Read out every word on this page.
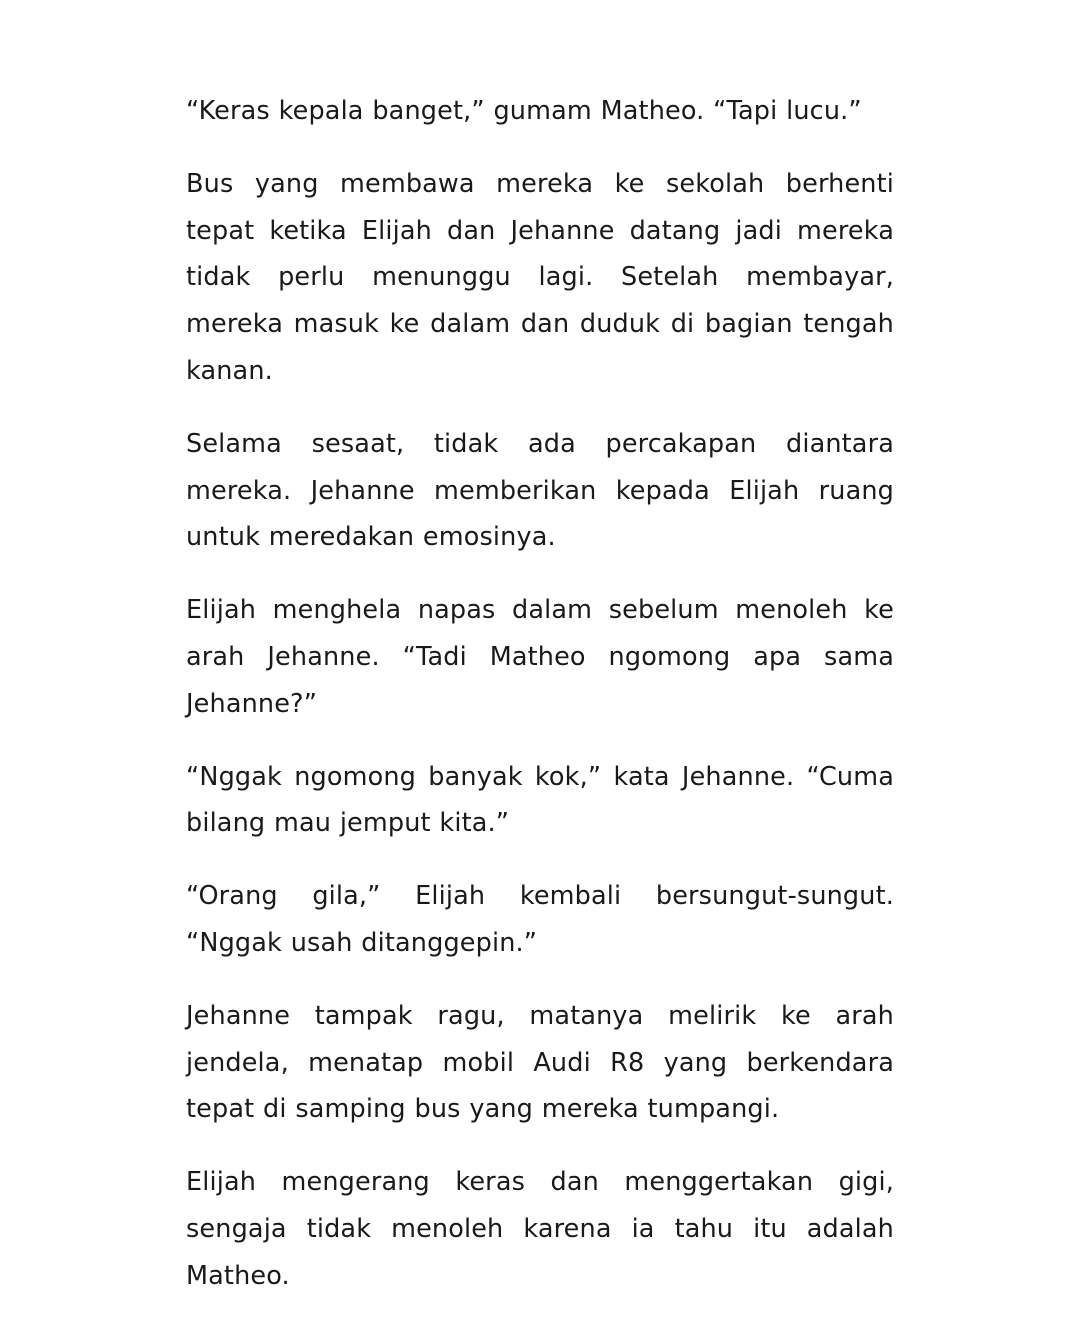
“Keras kepala banget,” gumam Matheo. “Tapi lucu.”

Bus yang membawa mereka ke sekolah berhenti tepat ketika Elijah dan Jehanne datang jadi mereka tidak perlu menunggu lagi. Setelah membayar, mereka masuk ke dalam dan duduk di bagian tengah kanan.

Selama sesaat, tidak ada percakapan diantara mereka. Jehanne memberikan kepada Elijah ruang untuk meredakan emosinya.

Elijah menghela napas dalam sebelum menoleh ke arah Jehanne. “Tadi Matheo ngomong apa sama Jehanne?”

“Nggak ngomong banyak kok,” kata Jehanne. “Cuma bilang mau jemput kita.”

“Orang gila,” Elijah kembali bersungut-sungut. “Nggak usah ditanggepin.”

Jehanne tampak ragu, matanya melirik ke arah jendela, menatap mobil Audi R8 yang berkendara tepat di samping bus yang mereka tumpangi.

Elijah mengerang keras dan menggertakan gigi, sengaja tidak menoleh karena ia tahu itu adalah Matheo.
